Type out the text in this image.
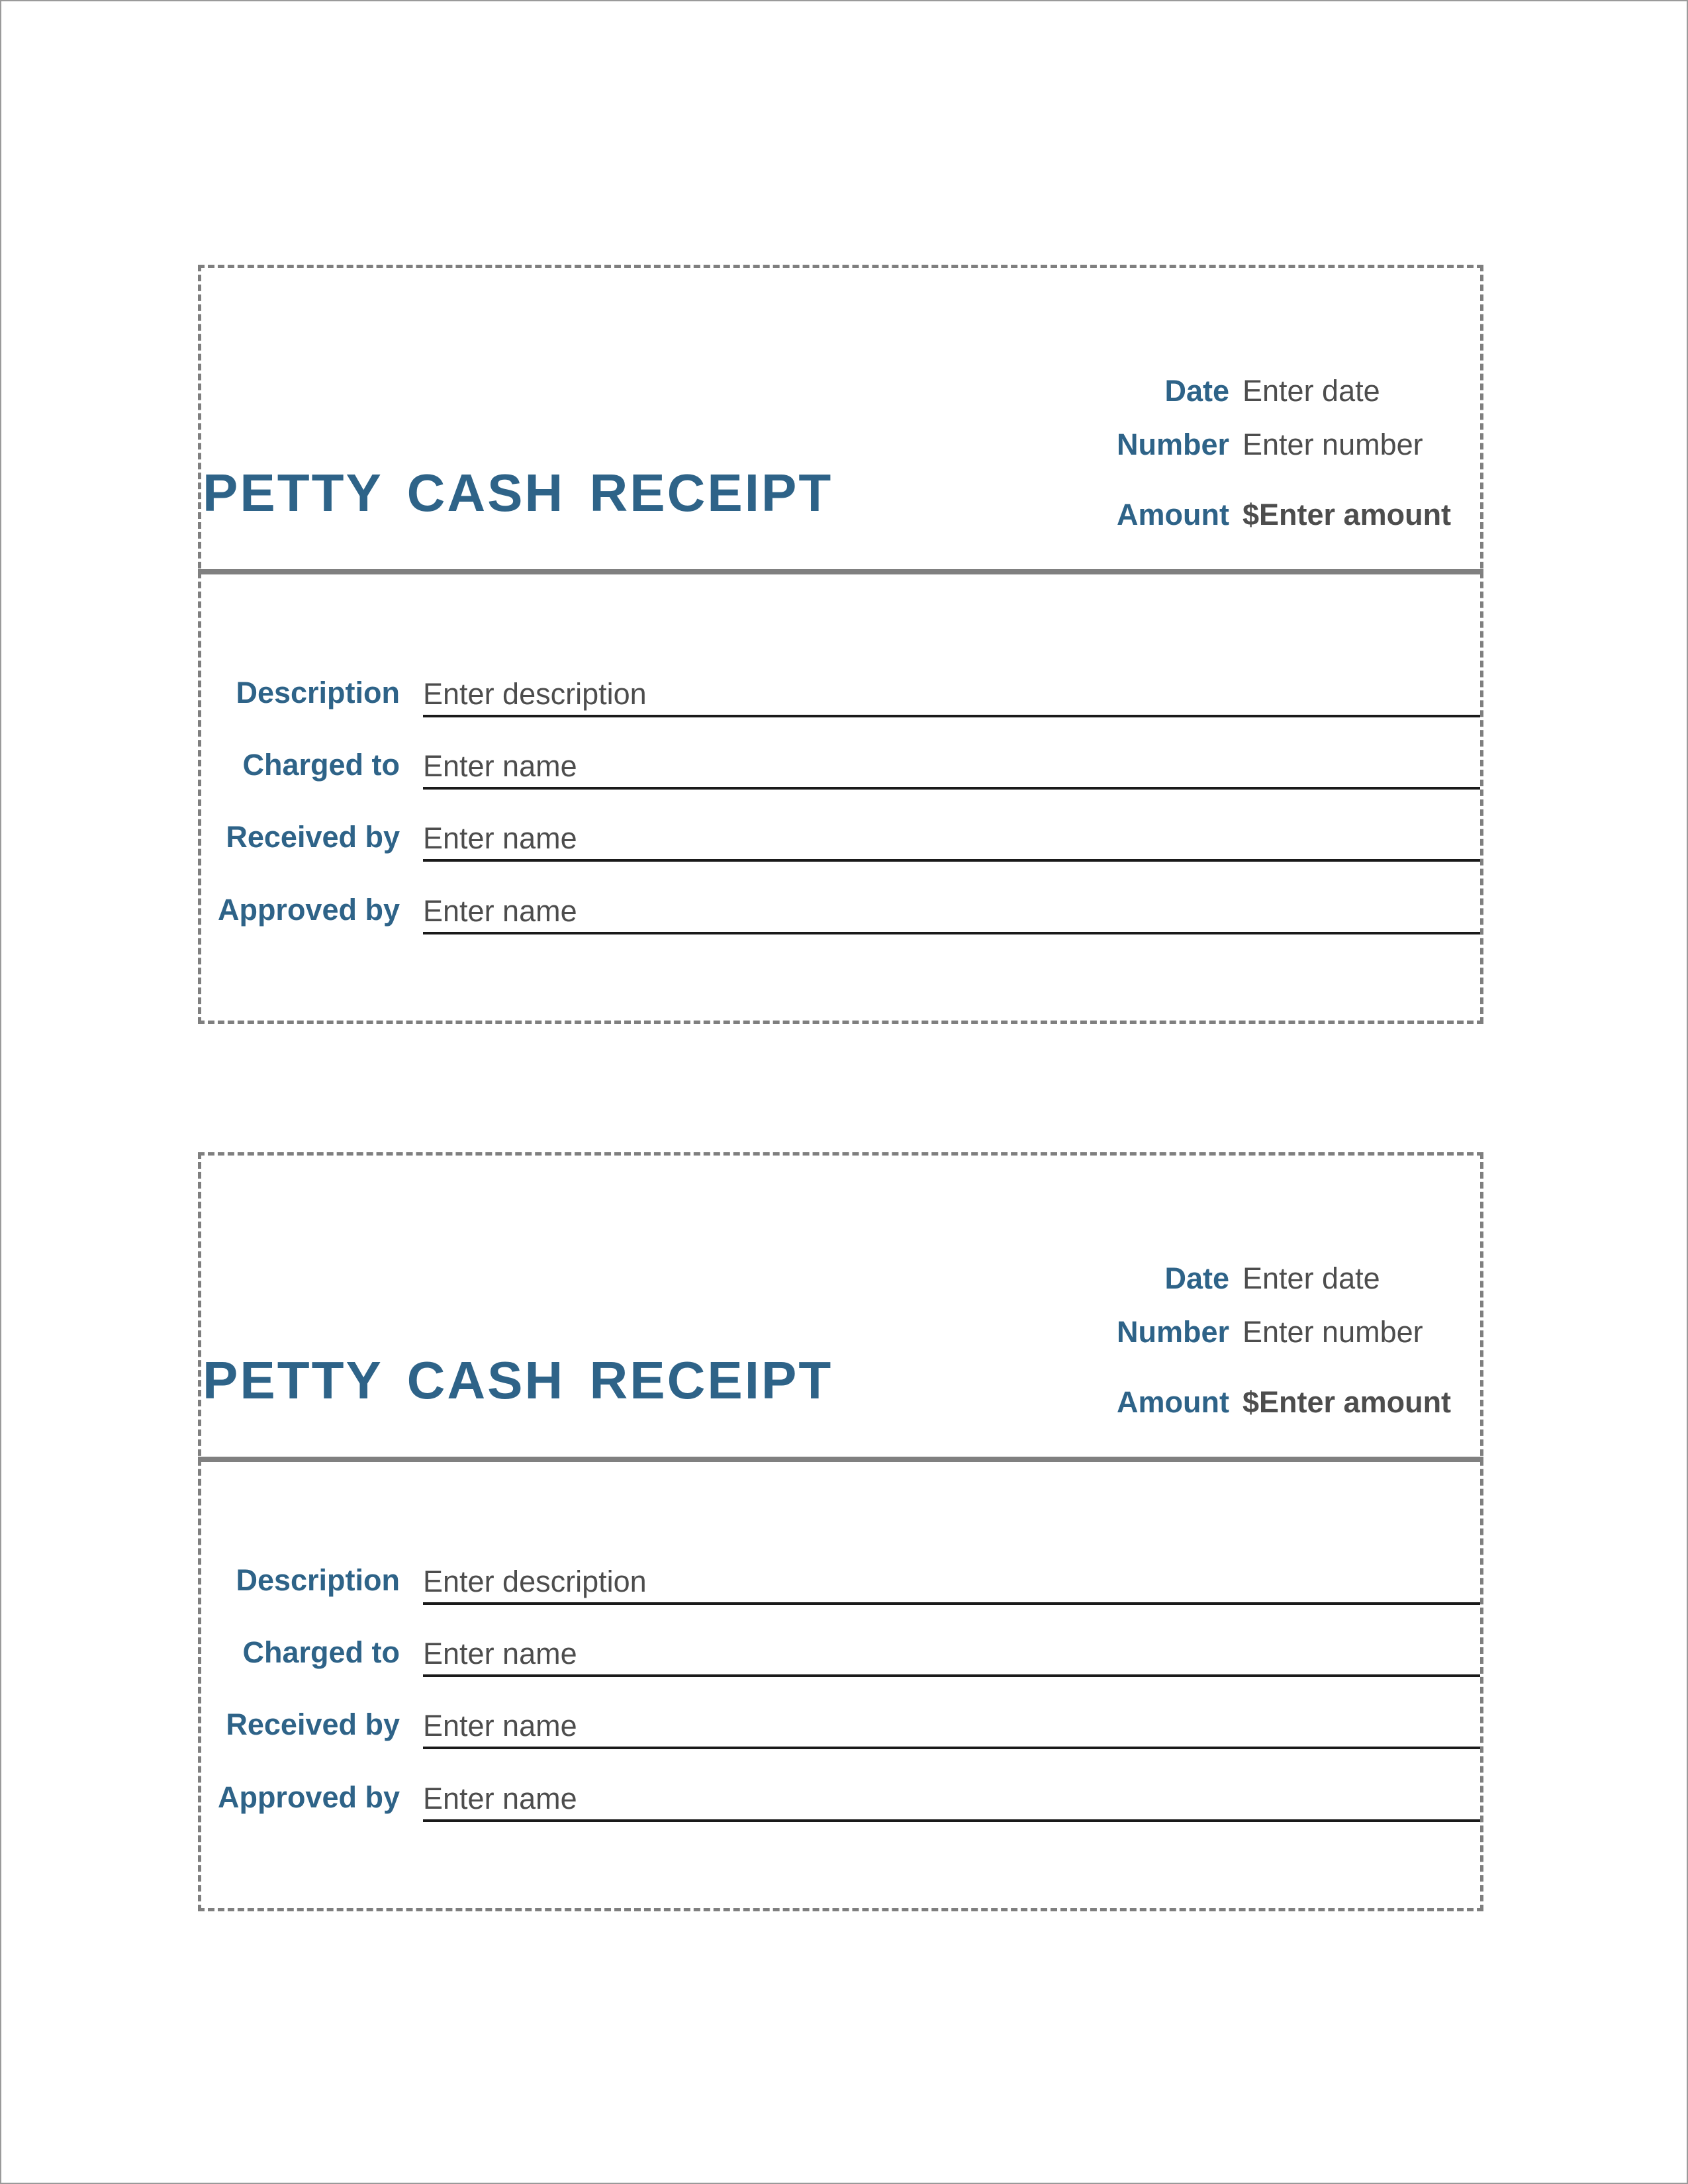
PETTY CASH RECEIPT
Date Enter date
Number Enter number
Amount $Enter amount
Description Enter description
Charged to Enter name
Received by Enter name
Approved by Enter name
PETTY CASH RECEIPT
Date Enter date
Number Enter number
Amount $Enter amount
Description Enter description
Charged to Enter name
Received by Enter name
Approved by Enter name
